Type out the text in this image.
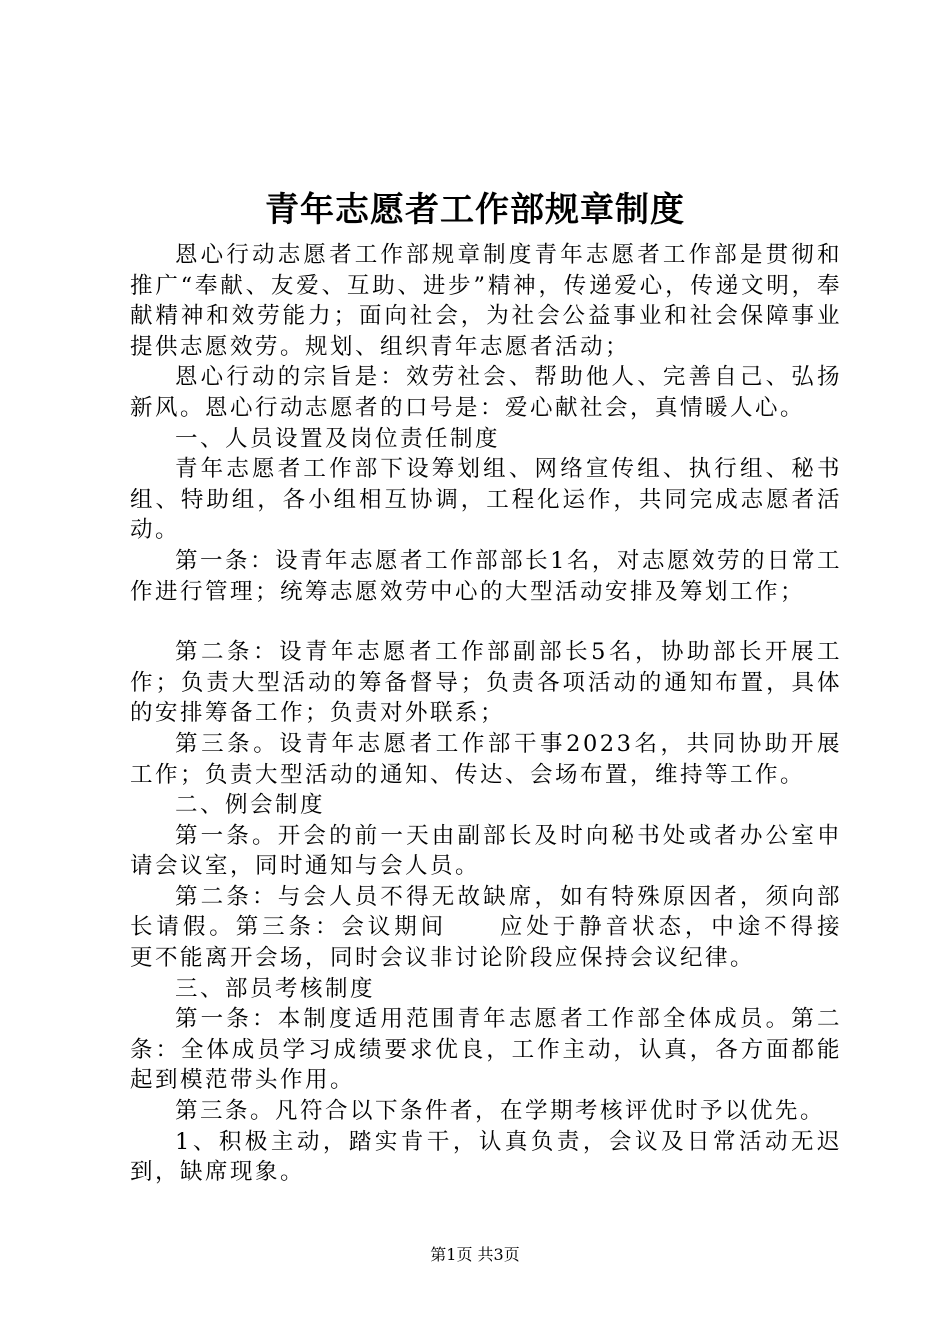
青年志愿者工作部规章制度

恩心行动志愿者工作部规章制度青年志愿者工作部是贯彻和推广“奉献、友爱、互助、进步”精神，传递爱心，传递文明，奉献精神和效劳能力；面向社会，为社会公益事业和社会保障事业提供志愿效劳。规划、组织青年志愿者活动；

恩心行动的宗旨是：效劳社会、帮助他人、完善自己、弘扬新风。恩心行动志愿者的口号是：爱心献社会，真情暖人心。

一、人员设置及岗位责任制度

青年志愿者工作部下设筹划组、网络宣传组、执行组、秘书组、特助组，各小组相互协调，工程化运作，共同完成志愿者活动。

第一条：设青年志愿者工作部部长1名，对志愿效劳的日常工作进行管理；统筹志愿效劳中心的大型活动安排及筹划工作；

第二条：设青年志愿者工作部副部长5名，协助部长开展工作；负责大型活动的筹备督导；负责各项活动的通知布置，具体的安排筹备工作；负责对外联系；

第三条。设青年志愿者工作部干事2023名，共同协助开展工作；负责大型活动的通知、传达、会场布置，维持等工作。

二、例会制度

第一条。开会的前一天由副部长及时向秘书处或者办公室申请会议室，同时通知与会人员。

第二条：与会人员不得无故缺席，如有特殊原因者，须向部长请假。第三条：会议期间　　应处于静音状态，中途不得接　　更不能离开会场，同时会议非讨论阶段应保持会议纪律。

三、部员考核制度

第一条：本制度适用范围青年志愿者工作部全体成员。第二条：全体成员学习成绩要求优良，工作主动，认真，各方面都能起到模范带头作用。

第三条。凡符合以下条件者，在学期考核评优时予以优先。

1、积极主动，踏实肯干，认真负责，会议及日常活动无迟到，缺席现象。

第1页 共3页
